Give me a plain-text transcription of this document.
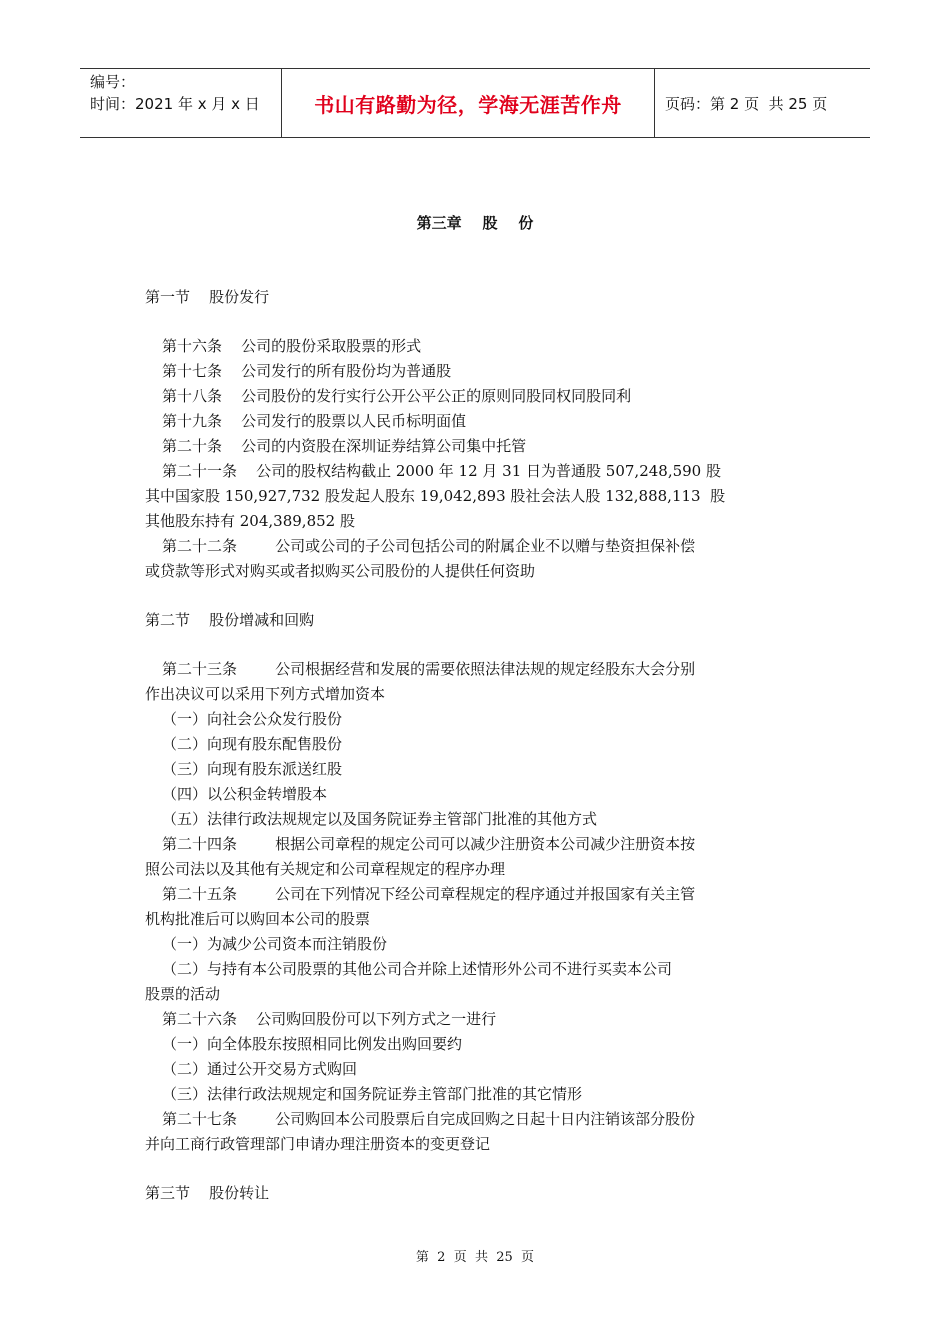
编号：
时间：2021 年 x 月 x 日	书山有路勤为径，学海无涯苦作舟	页码：第 2 页  共 25 页
第三章    股    份
第一节    股份发行
第十六条    公司的股份采取股票的形式
第十七条    公司发行的所有股份均为普通股
第十八条    公司股份的发行实行公开公平公正的原则同股同权同股同利
第十九条    公司发行的股票以人民币标明面值
第二十条    公司的内资股在深圳证券结算公司集中托管
第二十一条    公司的股权结构截止 2000 年 12 月 31 日为普通股 507,248,590 股
其中国家股 150,927,732 股发起人股东 19,042,893 股社会法人股 132,888,113  股
其他股东持有 204,389,852 股
第二十二条        公司或公司的子公司包括公司的附属企业不以赠与垫资担保补偿
或贷款等形式对购买或者拟购买公司股份的人提供任何资助
第二节    股份增减和回购
第二十三条        公司根据经营和发展的需要依照法律法规的规定经股东大会分别
作出决议可以采用下列方式增加资本
（一）向社会公众发行股份
（二）向现有股东配售股份
（三）向现有股东派送红股
（四）以公积金转增股本
（五）法律行政法规规定以及国务院证券主管部门批准的其他方式
第二十四条        根据公司章程的规定公司可以减少注册资本公司减少注册资本按
照公司法以及其他有关规定和公司章程规定的程序办理
第二十五条        公司在下列情况下经公司章程规定的程序通过并报国家有关主管
机构批准后可以购回本公司的股票
（一）为减少公司资本而注销股份
（二）与持有本公司股票的其他公司合并除上述情形外公司不进行买卖本公司
股票的活动
第二十六条    公司购回股份可以下列方式之一进行
（一）向全体股东按照相同比例发出购回要约
（二）通过公开交易方式购回
（三）法律行政法规规定和国务院证券主管部门批准的其它情形
第二十七条        公司购回本公司股票后自完成回购之日起十日内注销该部分股份
并向工商行政管理部门申请办理注册资本的变更登记
第三节    股份转让
第  2  页  共  25  页
